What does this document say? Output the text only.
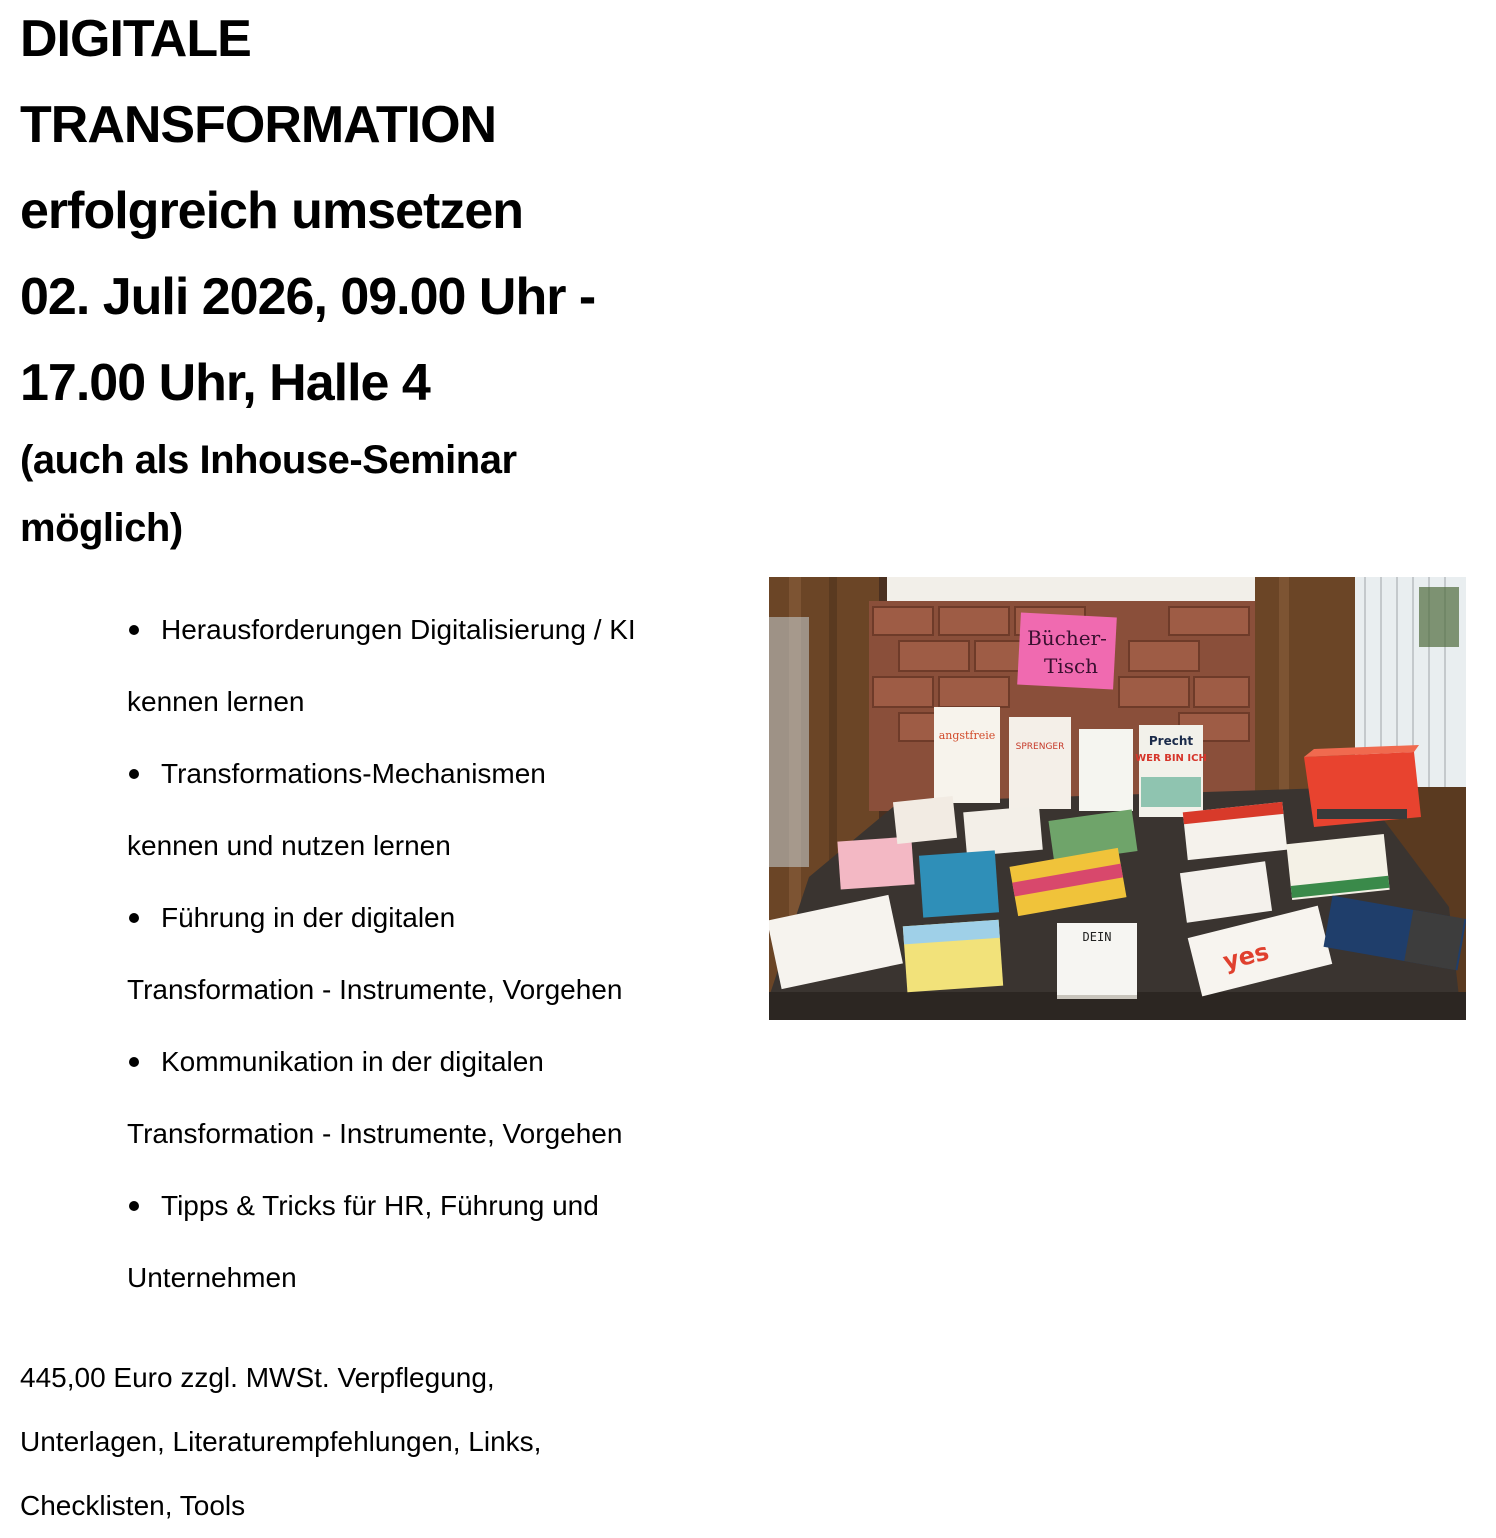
DIGITALE
TRANSFORMATION
erfolgreich umsetzen
02. Juli 2026, 09.00 Uhr -
17.00 Uhr, Halle 4
(auch als Inhouse-Seminar
möglich)
Herausforderungen Digitalisierung / KI
kennen lernen
Transformations-Mechanismen
kennen und nutzen lernen
Führung in der digitalen
Transformation - Instrumente, Vorgehen
Kommunikation in der digitalen
Transformation - Instrumente, Vorgehen
Tipps & Tricks für HR, Führung und
Unternehmen
445,00 Euro zzgl. MWSt. Verpflegung,
Unterlagen, Literaturempfehlungen, Links,
Checklisten, Tools
Bücher-
Tisch
angstfreie
SPRENGER	Precht
WER BIN ICH
DEIN
yes
